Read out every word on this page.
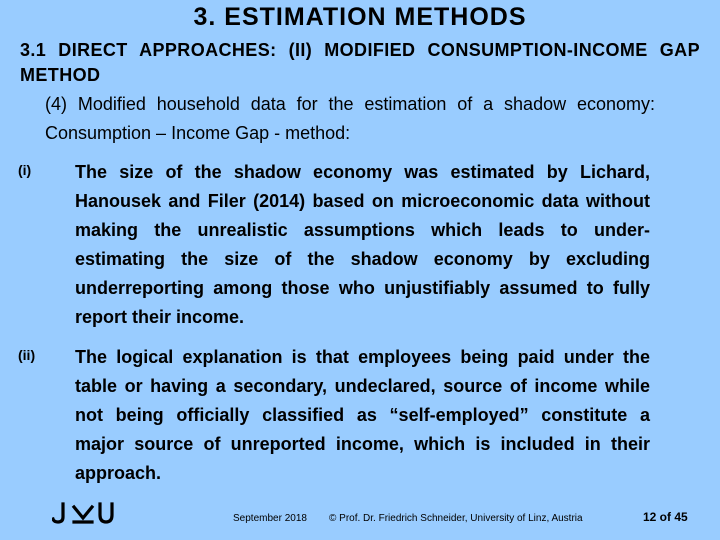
3. ESTIMATION METHODS
3.1 DIRECT APPROACHES: (II) MODIFIED CONSUMPTION-INCOME GAP METHOD
(4) Modified household data for the estimation of a shadow economy: Consumption – Income Gap - method:
(i) The size of the shadow economy was estimated by Lichard, Hanousek and Filer (2014) based on microeconomic data without making the unrealistic assumptions which leads to under-estimating the size of the shadow economy by excluding underreporting among those who unjustifiably assumed to fully report their income.
(ii) The logical explanation is that employees being paid under the table or having a secondary, undeclared, source of income while not being officially classified as “self-employed” constitute a major source of unreported income, which is included in their approach.
September 2018 © Prof. Dr. Friedrich Schneider, University of Linz, Austria	12 of 45
